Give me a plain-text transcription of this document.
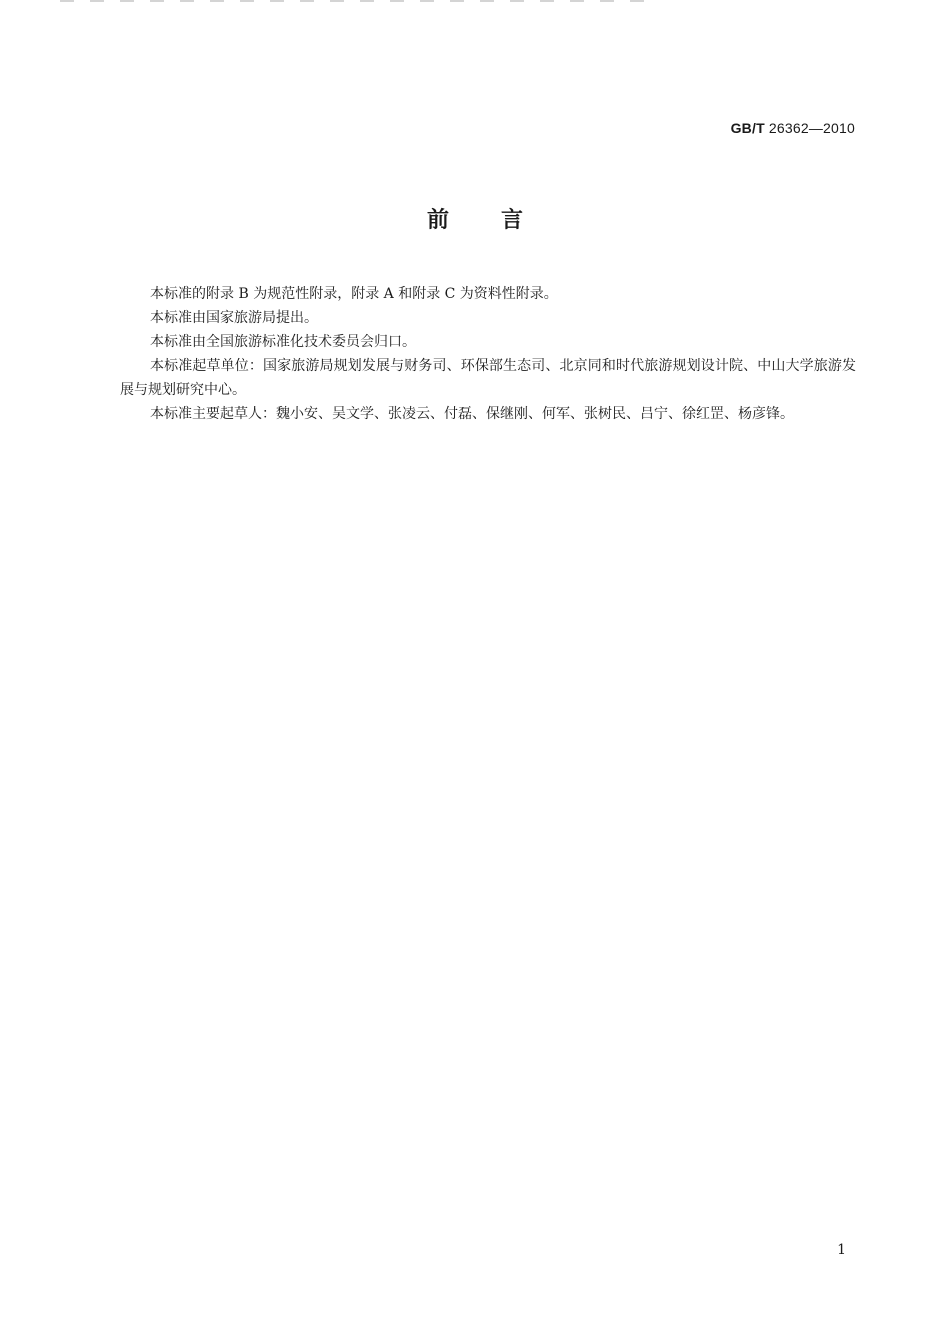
GB/T 26362—2010
前言

本标准的附录 B 为规范性附录，附录 A 和附录 C 为资料性附录。

本标准由国家旅游局提出。

本标准由全国旅游标准化技术委员会归口。

本标准起草单位：国家旅游局规划发展与财务司、环保部生态司、北京同和时代旅游规划设计院、中山大学旅游发展与规划研究中心。

本标准主要起草人：魏小安、吴文学、张凌云、付磊、保继刚、何军、张树民、吕宁、徐红罡、杨彦锋。

1
